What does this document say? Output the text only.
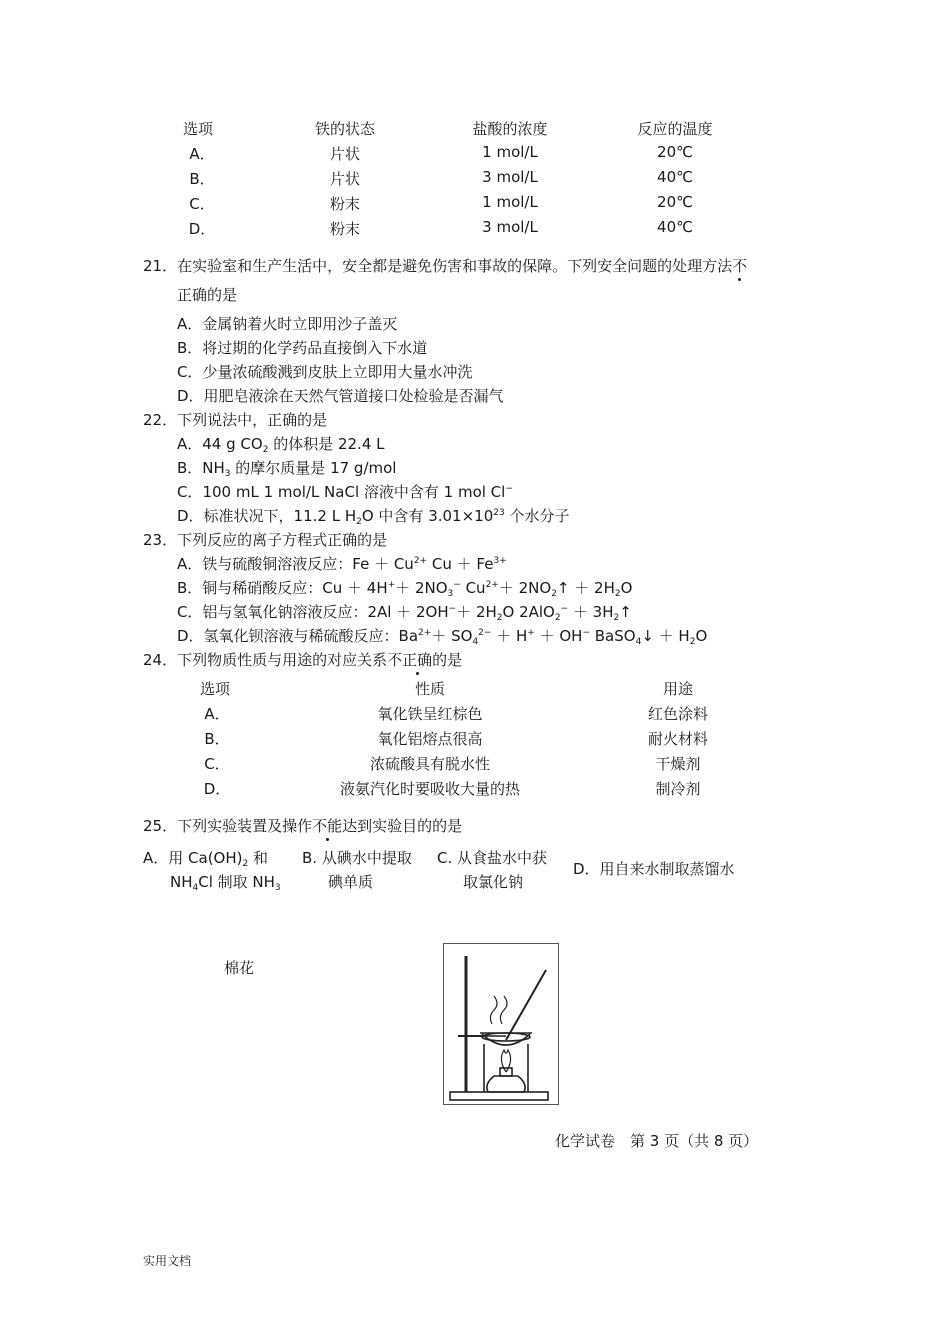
选项	铁的状态	盐酸的浓度	反应的温度
A．	片状	1 mol/L	20℃
B．	片状	3 mol/L	40℃
C．	粉末	1 mol/L	20℃
D．	粉末	3 mol/L	40℃
21．在实验室和生产生活中，安全都是避免伤害和事故的保障。下列安全问题的处理方法不
正确的是
A．金属钠着火时立即用沙子盖灭
B．将过期的化学药品直接倒入下水道
C．少量浓硫酸溅到皮肤上立即用大量水冲洗
D．用肥皂液涂在天然气管道接口处检验是否漏气
22．下列说法中，正确的是
A．44 g $CO_2$ 的体积是 22.4 L
B．$NH_3$ 的摩尔质量是 17 g/mol
C．100 mL 1 mol/L NaCl 溶液中含有 1 mol Cl−
D．标准状况下，11.2 L $H_2O$ 中含有 $3.01\times 10^{23}$ 个水分子
23．下列反应的离子方程式正确的是
A．铁与硫酸铜溶液反应：$Fe + Cu^{2+}$ $Cu + Fe^{3+}$
B．铜与稀硝酸反应：$Cu + 4H^++ 2NO_3^-$ $Cu^{2+}+$ $2NO_2↑ + 2H_2O$
C．铝与氢氧化钠溶液反应：$2Al + 2OH^-+ 2H_2O$ $2AlO_2^- + 3H_2↑$
D．氢氧化钡溶液与稀硫酸反应：$Ba^{2+}+ SO_4^{2-} + H^+ + OH^-$ BaSO$_4$↓ ＋ $H_2O$
24．下列物质性质与用途的对应关系不正确的是
选项	性质	用途
A．	氧化铁呈红棕色	红色涂料
B．	氧化铝熔点很高	耐火材料
C．	浓硫酸具有脱水性	干燥剂
D．	液氨汽化时要吸收大量的热	制冷剂
25．下列实验装置及操作不能达到实验目的的是
A．用 $Ca(OH)_2$ 和
$NH_4Cl$ 制取 $NH_3$
B. 从碘水中提取
碘单质
C. 从食盐水中获
取氯化钠
D．用自来水制取蒸馏水
棉花
化学试卷　第 3 页（共 8 页）
实用文档
